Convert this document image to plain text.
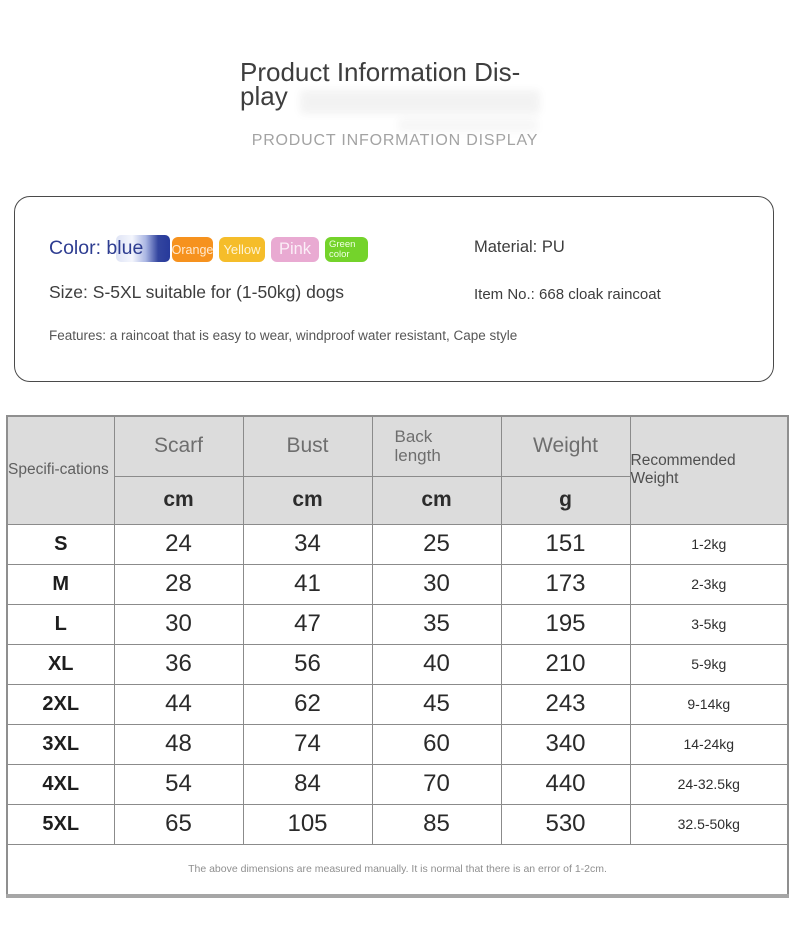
Product Information Dis-
play
PRODUCT INFORMATION DISPLAY
Color: blue Orange Yellow	Pink	Green color	Material: PU
Size: S-5XL suitable for (1-50kg) dogs	Item No.: 668 cloak raincoat
Features: a raincoat that is easy to wear, windproof water resistant, Cape style
Specifi-cations	Scarf	Bust	Back length	Weight	Recommended Weight
	cm	cm	cm	g	
S	24	34	25	151	1-2kg
M	28	41	30	173	2-3kg
L	30	47	35	195	3-5kg
XL	36	56	40	210	5-9kg
2XL	44	62	45	243	9-14kg
3XL	48	74	60	340	14-24kg
4XL	54	84	70	440	24-32.5kg
5XL	65	105	85	530	32.5-50kg
The above dimensions are measured manually. It is normal that there is an error of 1-2cm.					
